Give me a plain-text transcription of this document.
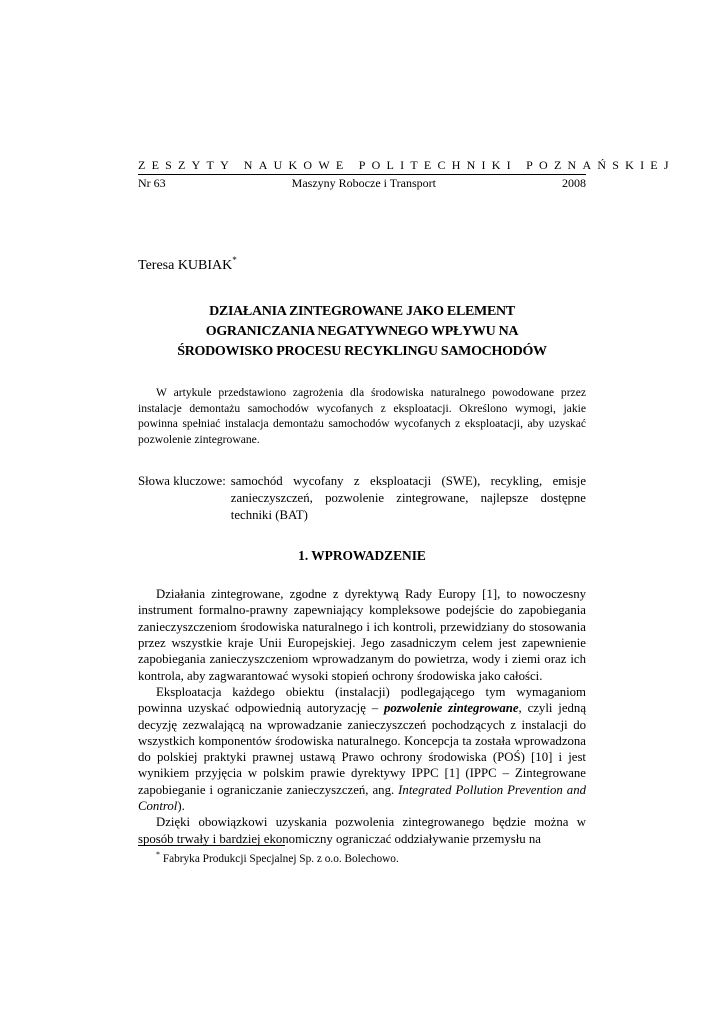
ZESZYTY NAUKOWE POLITECHNIKI POZNAŃSKIEJ
Nr 63	Maszyny Robocze i Transport	2008
Teresa KUBIAK*
DZIAŁANIA ZINTEGROWANE JAKO ELEMENT
OGRANICZANIA NEGATYWNEGO WPŁYWU NA
ŚRODOWISKO PROCESU RECYKLINGU SAMOCHODÓW
W artykule przedstawiono zagrożenia dla środowiska naturalnego powodowane przez instalacje demontażu samochodów wycofanych z eksploatacji. Określono wymogi, jakie powinna spełniać instalacja demontażu samochodów wycofanych z eksploatacji, aby uzyskać pozwolenie zintegrowane.
Słowa kluczowe: samochód wycofany z eksploatacji (SWE), recykling, emisje zanieczyszczeń, pozwolenie zintegrowane, najlepsze dostępne techniki (BAT)
1. WPROWADZENIE

Działania zintegrowane, zgodne z dyrektywą Rady Europy [1], to nowoczesny instrument formalno-prawny zapewniający kompleksowe podejście do zapobiegania zanieczyszczeniom środowiska naturalnego i ich kontroli, przewidziany do stosowania przez wszystkie kraje Unii Europejskiej. Jego zasadniczym celem jest zapewnienie zapobiegania zanieczyszczeniom wprowadzanym do powietrza, wody i ziemi oraz ich kontrola, aby zagwarantować wysoki stopień ochrony środowiska jako całości.

Eksploatacja każdego obiektu (instalacji) podlegającego tym wymaganiom powinna uzyskać odpowiednią autoryzację – pozwolenie zintegrowane, czyli jedną decyzję zezwalającą na wprowadzanie zanieczyszczeń pochodzących z instalacji do wszystkich komponentów środowiska naturalnego. Koncepcja ta została wprowadzona do polskiej praktyki prawnej ustawą Prawo ochrony środowiska (POŚ) [10] i jest wynikiem przyjęcia w polskim prawie dyrektywy IPPC [1] (IPPC – Zintegrowane zapobieganie i ograniczanie zanieczyszczeń, ang. Integrated Pollution Prevention and Control).

Dzięki obowiązkowi uzyskania pozwolenia zintegrowanego będzie można w sposób trwały i bardziej ekonomiczny ograniczać oddziaływanie przemysłu na

* Fabryka Produkcji Specjalnej Sp. z o.o. Bolechowo.
